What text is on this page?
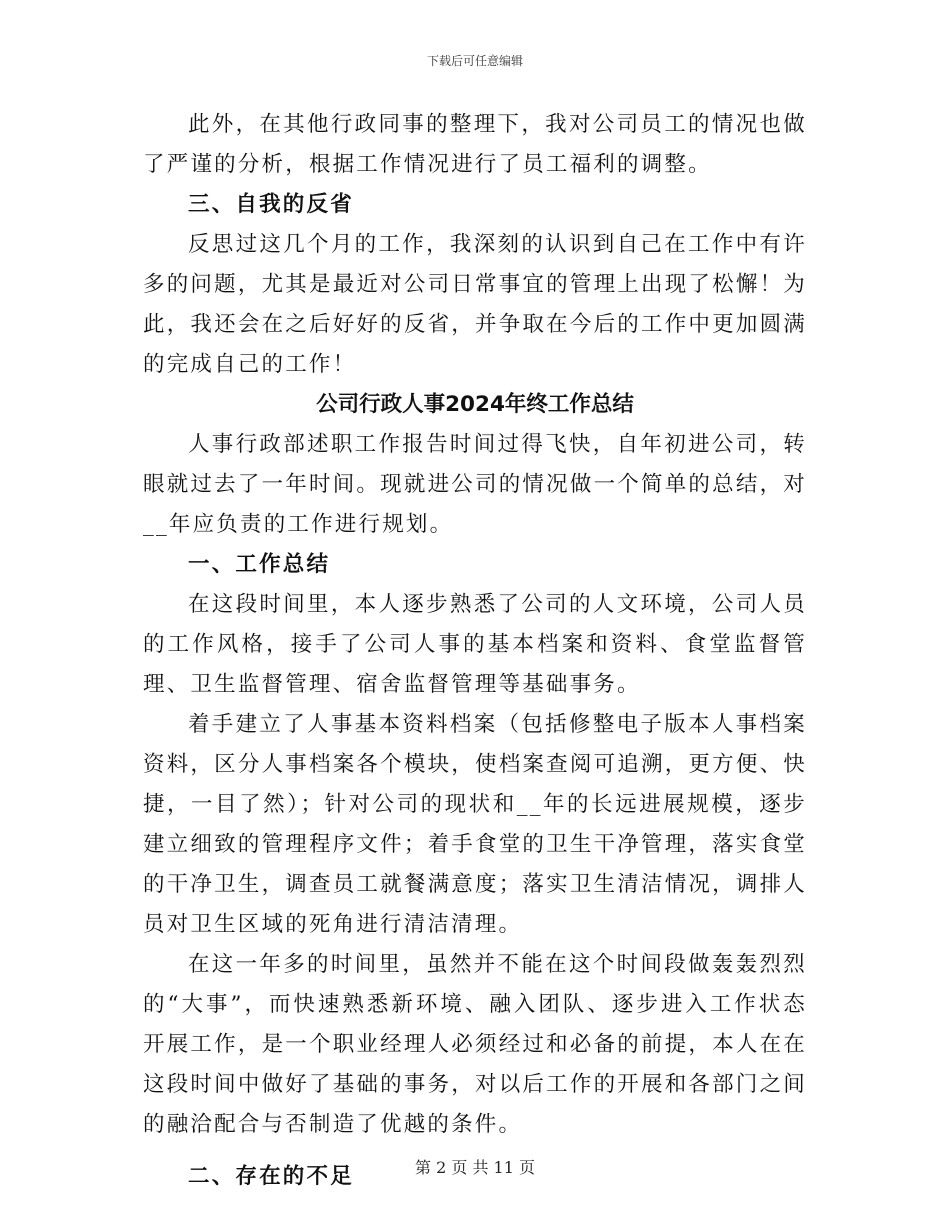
下载后可任意编辑

此外，在其他行政同事的整理下，我对公司员工的情况也做了严谨的分析，根据工作情况进行了员工福利的调整。

三、自我的反省

反思过这几个月的工作，我深刻的认识到自己在工作中有许多的问题，尤其是最近对公司日常事宜的管理上出现了松懈！为此，我还会在之后好好的反省，并争取在今后的工作中更加圆满的完成自己的工作！

公司行政人事2024年终工作总结

人事行政部述职工作报告时间过得飞快，自年初进公司，转眼就过去了一年时间。现就进公司的情况做一个简单的总结，对__年应负责的工作进行规划。

一、工作总结

在这段时间里，本人逐步熟悉了公司的人文环境，公司人员的工作风格，接手了公司人事的基本档案和资料、食堂监督管理、卫生监督管理、宿舍监督管理等基础事务。

着手建立了人事基本资料档案（包括修整电子版本人事档案资料，区分人事档案各个模块，使档案查阅可追溯，更方便、快捷，一目了然）；针对公司的现状和__年的长远进展规模，逐步建立细致的管理程序文件；着手食堂的卫生干净管理，落实食堂的干净卫生，调查员工就餐满意度；落实卫生清洁情况，调排人员对卫生区域的死角进行清洁清理。

在这一年多的时间里，虽然并不能在这个时间段做轰轰烈烈的“大事”，而快速熟悉新环境、融入团队、逐步进入工作状态开展工作，是一个职业经理人必须经过和必备的前提，本人在在这段时间中做好了基础的事务，对以后工作的开展和各部门之间的融洽配合与否制造了优越的条件。

二、存在的不足	第 2 页 共 11 页
